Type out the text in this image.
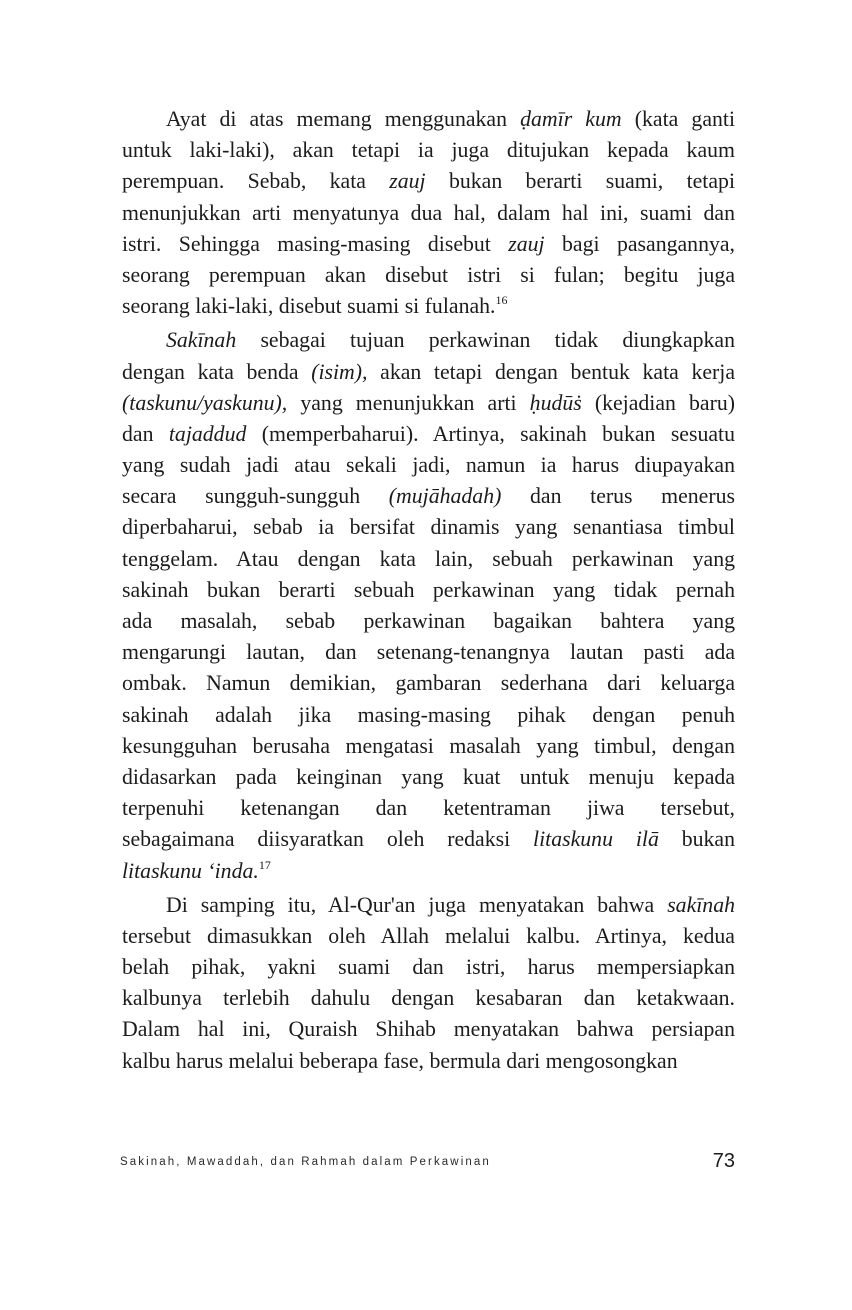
Ayat di atas memang menggunakan ḍamīr kum (kata ganti
untuk laki-laki), akan tetapi ia juga ditujukan kepada kaum
perempuan. Sebab, kata zauj bukan berarti suami, tetapi
menunjukkan arti menyatunya dua hal, dalam hal ini, suami dan
istri. Sehingga masing-masing disebut zauj bagi pasangannya,
seorang perempuan akan disebut istri si fulan; begitu juga
seorang laki-laki, disebut suami si fulanah.$^{16}$
Sakīnah sebagai tujuan perkawinan tidak diungkapkan
dengan kata benda (isim), akan tetapi dengan bentuk kata kerja
(taskunu/yaskunu), yang menunjukkan arti ḥudūṡ (kejadian baru)
dan tajaddud (memperbaharui). Artinya, sakinah bukan sesuatu
yang sudah jadi atau sekali jadi, namun ia harus diupayakan
secara sungguh-sungguh (mujāhadah) dan terus menerus
diperbaharui, sebab ia bersifat dinamis yang senantiasa timbul
tenggelam. Atau dengan kata lain, sebuah perkawinan yang
sakinah bukan berarti sebuah perkawinan yang tidak pernah
ada masalah, sebab perkawinan bagaikan bahtera yang
mengarungi lautan, dan setenang-tenangnya lautan pasti ada
ombak. Namun demikian, gambaran sederhana dari keluarga
sakinah adalah jika masing-masing pihak dengan penuh
kesungguhan berusaha mengatasi masalah yang timbul, dengan
didasarkan pada keinginan yang kuat untuk menuju kepada
terpenuhi ketenangan dan ketentraman jiwa tersebut,
sebagaimana diisyaratkan oleh redaksi litaskunu ilā bukan
litaskunu ‘inda.$^{17}$
Di samping itu, Al-Qur'an juga menyatakan bahwa sakīnah
tersebut dimasukkan oleh Allah melalui kalbu. Artinya, kedua
belah pihak, yakni suami dan istri, harus mempersiapkan
kalbunya terlebih dahulu dengan kesabaran dan ketakwaan.
Dalam hal ini, Quraish Shihab menyatakan bahwa persiapan
kalbu harus melalui beberapa fase, bermula dari mengosongkan
Sakinah, Mawaddah, dan Rahmah dalam Perkawinan	73
